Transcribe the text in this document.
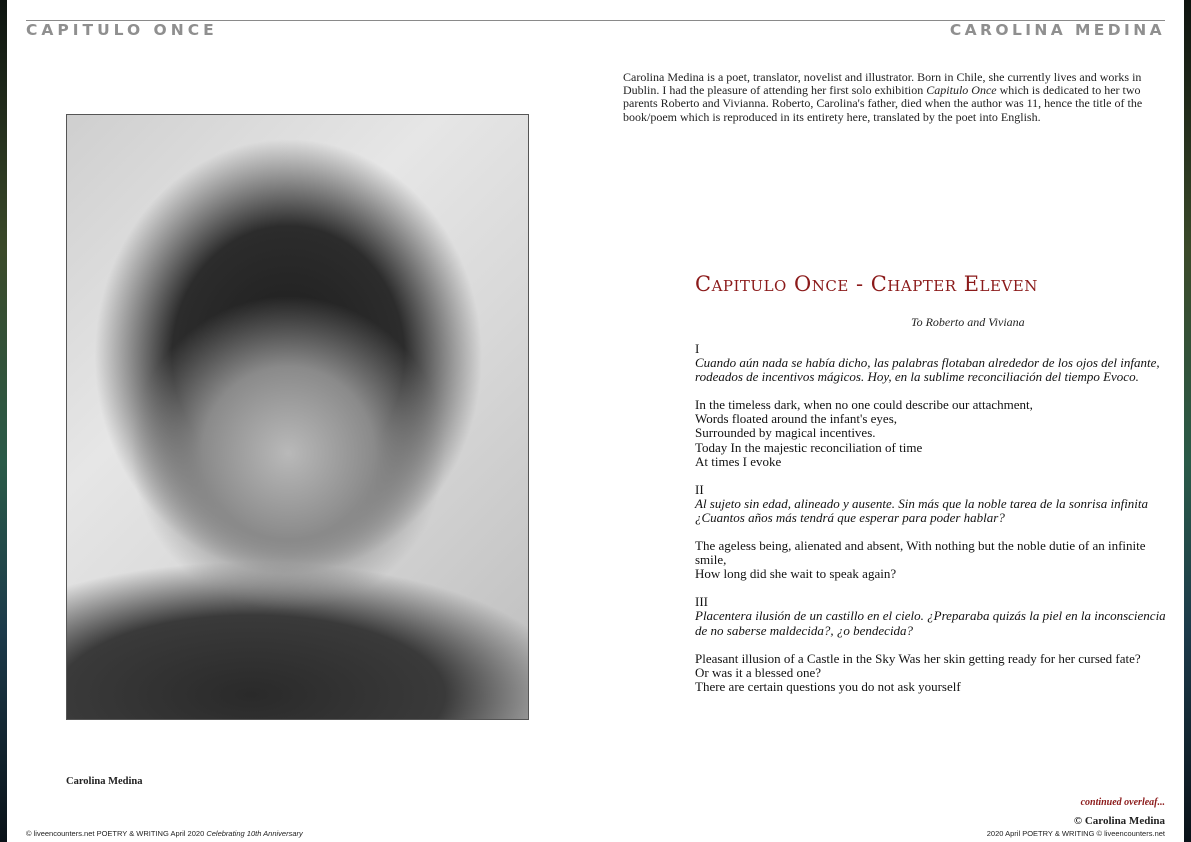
CAPITULO ONCE	CAROLINA MEDINA
Carolina Medina is a poet, translator, novelist and illustrator. Born in Chile, she currently lives and works in Dublin. I had the pleasure of attending her first solo exhibition Capitulo Once which is dedicated to her two parents Roberto and Vivianna. Roberto, Carolina's father, died when the author was 11, hence the title of the book/poem which is reproduced in its entirety here, translated by the poet into English.
Carolina Medina
Capitulo Once - Chapter Eleven
To Roberto and Viviana
I
Cuando aún nada se había dicho, las palabras flotaban alrededor de los ojos del infante, rodeados de incentivos mágicos. Hoy, en la sublime reconciliación del tiempo Evoco.
In the timeless dark, when no one could describe our attachment,
Words floated around the infant's eyes,
Surrounded by magical incentives.
Today In the majestic reconciliation of time
At times I evoke
II
Al sujeto sin edad, alineado y ausente. Sin más que la noble tarea de la sonrisa infinita ¿Cuantos años más tendrá que esperar para poder hablar?
The ageless being, alienated and absent, With nothing but the noble dutie of an infinite smile,
How long did she wait to speak again?
III
Placentera ilusión de un castillo en el cielo. ¿Preparaba quizás la piel en la inconsciencia de no saberse maldecida?, ¿o bendecida?
Pleasant illusion of a Castle in the Sky Was her skin getting ready for her cursed fate?
Or was it a blessed one?
There are certain questions you do not ask yourself
continued overleaf...
© Carolina Medina
© liveencounters.net POETRY & WRITING April 2020 Celebrating 10th Anniversary	2020 April POETRY & WRITING © liveencounters.net
